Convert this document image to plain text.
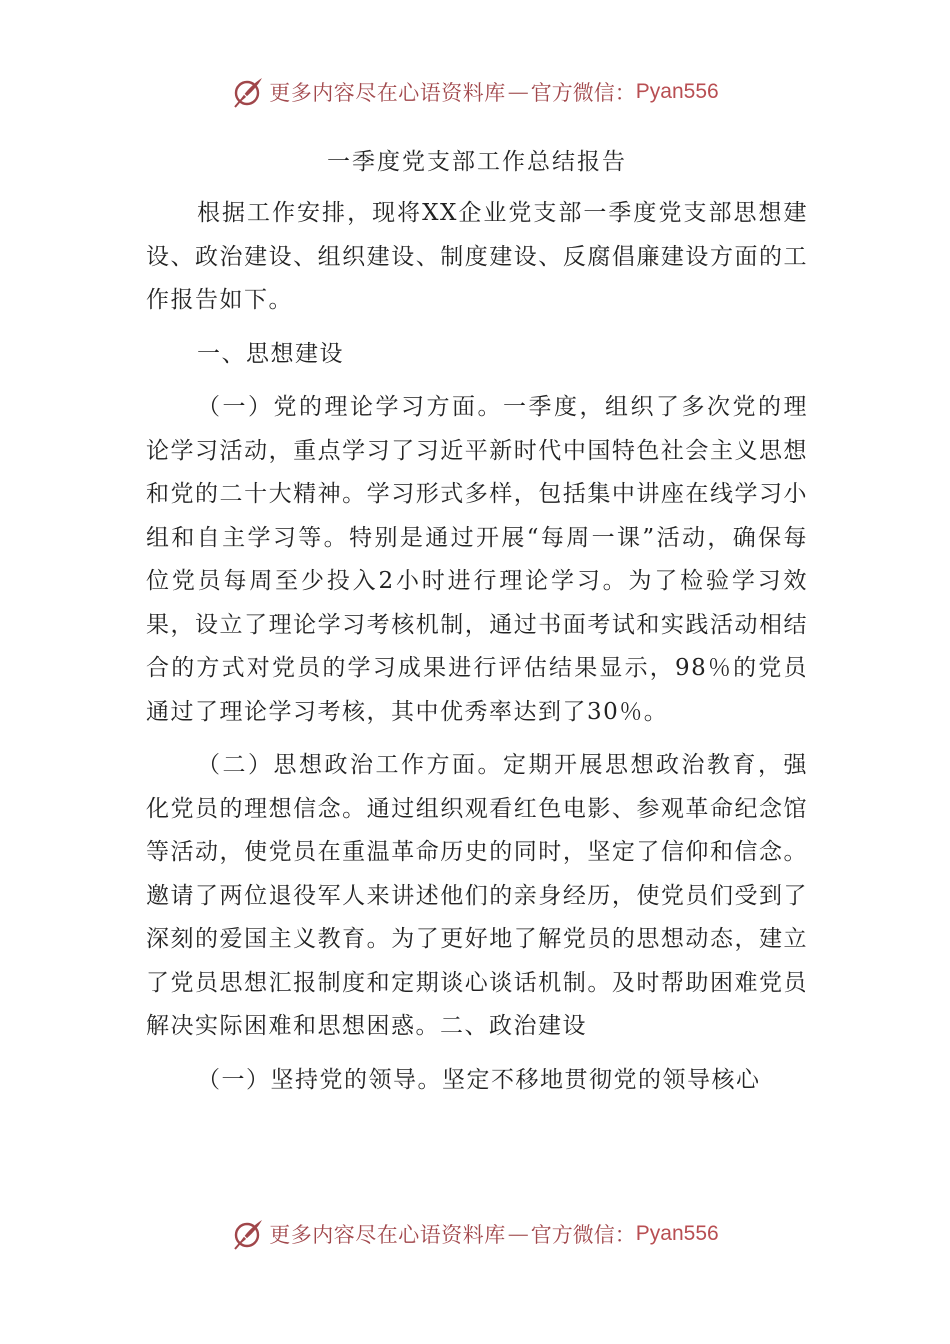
更多内容尽在心语资料库 — 官方微信： Pyan556
一季度党支部工作总结报告

根据工作安排，现将XX企业党支部一季度党支部思想建设、政治建设、组织建设、制度建设、反腐倡廉建设方面的工作报告如下。

一、思想建设

（一）党的理论学习方面。一季度，组织了多次党的理论学习活动，重点学习了习近平新时代中国特色社会主义思想和党的二十大精神。学习形式多样，包括集中讲座在线学习小组和自主学习等。特别是通过开展“每周一课”活动，确保每位党员每周至少投入2小时进行理论学习。为了检验学习效果，设立了理论学习考核机制，通过书面考试和实践活动相结合的方式对党员的学习成果进行评估结果显示，98％的党员通过了理论学习考核，其中优秀率达到了30％。

（二）思想政治工作方面。定期开展思想政治教育，强化党员的理想信念。通过组织观看红色电影、参观革命纪念馆等活动，使党员在重温革命历史的同时，坚定了信仰和信念。邀请了两位退役军人来讲述他们的亲身经历，使党员们受到了深刻的爱国主义教育。为了更好地了解党员的思想动态，建立了党员思想汇报制度和定期谈心谈话机制。及时帮助困难党员解决实际困难和思想困惑。二、政治建设

（一）坚持党的领导。坚定不移地贯彻党的领导核心

更多内容尽在心语资料库 — 官方微信： Pyan556
